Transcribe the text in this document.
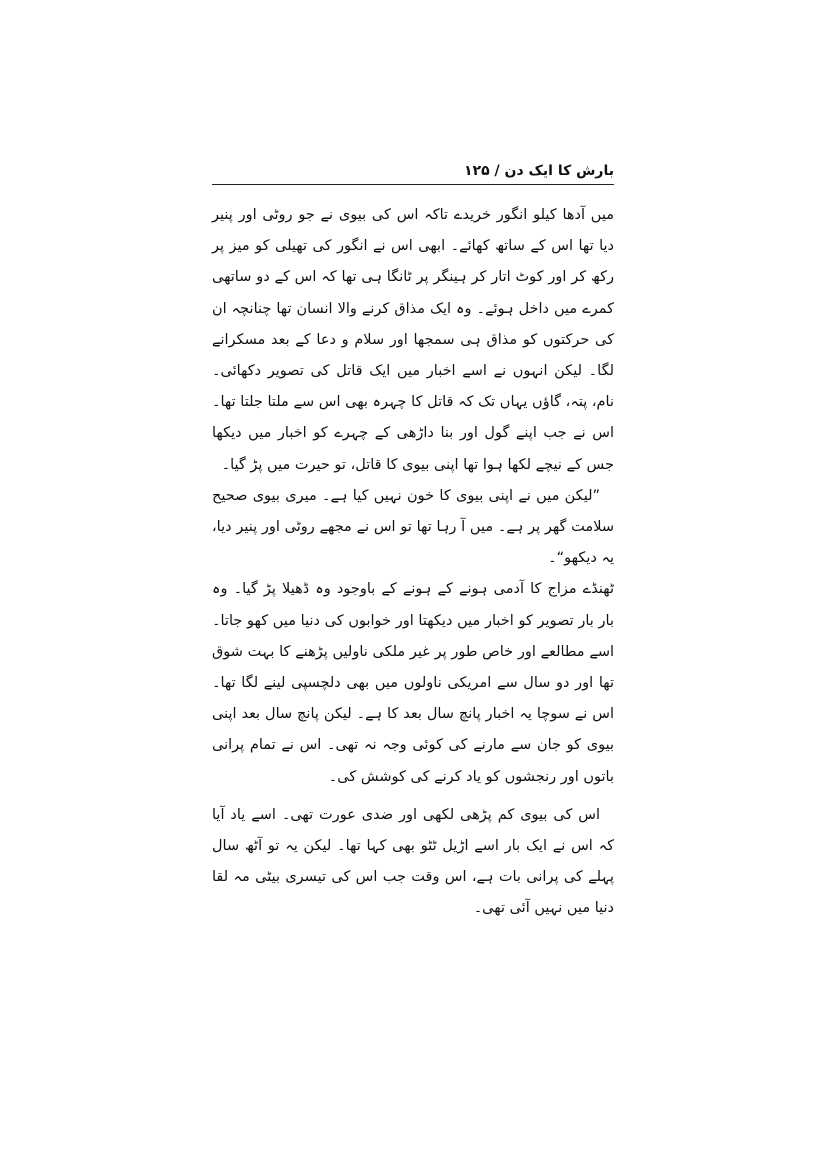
بارش کا ایک دن / ۱۲۵

میں آدھا کیلو انگور خریدے تاکہ اس کی بیوی نے جو روٹی اور پنیر دیا تھا اس کے ساتھ کھائے۔ ابھی اس نے انگور کی تھیلی کو میز پر رکھ کر اور کوٹ اتار کر ہینگر پر ٹانگا ہی تھا کہ اس کے دو ساتھی کمرے میں داخل ہوئے۔ وہ ایک مذاق کرنے والا انسان تھا چنانچہ ان کی حرکتوں کو مذاق ہی سمجھا اور سلام و دعا کے بعد مسکرانے لگا۔ لیکن انہوں نے اسے اخبار میں ایک قاتل کی تصویر دکھائی۔ نام، پتہ، گاؤں یہاں تک کہ قاتل کا چہرہ بھی اس سے ملتا جلتا تھا۔ اس نے جب اپنے گول اور بنا داڑھی کے چہرے کو اخبار میں دیکھا جس کے نیچے لکھا ہوا تھا اپنی بیوی کا قاتل، تو حیرت میں پڑ گیا۔

”لیکن میں نے اپنی بیوی کا خون نہیں کیا ہے۔ میری بیوی صحیح سلامت گھر پر ہے۔ میں آ رہا تھا تو اس نے مجھے روٹی اور پنیر دیا، یہ دیکھو“۔

ٹھنڈے مزاج کا آدمی ہونے کے ہونے کے باوجود وہ ڈھیلا پڑ گیا۔ وہ بار بار تصویر کو اخبار میں دیکھتا اور خوابوں کی دنیا میں کھو جاتا۔ اسے مطالعے اور خاص طور پر غیر ملکی ناولیں پڑھنے کا بہت شوق تھا اور دو سال سے امریکی ناولوں میں بھی دلچسپی لینے لگا تھا۔ اس نے سوچا یہ اخبار پانچ سال بعد کا ہے۔ لیکن پانچ سال بعد اپنی بیوی کو جان سے مارنے کی کوئی وجہ نہ تھی۔ اس نے تمام پرانی باتوں اور رنجشوں کو یاد کرنے کی کوشش کی۔

اس کی بیوی کم پڑھی لکھی اور ضدی عورت تھی۔ اسے یاد آیا کہ اس نے ایک بار اسے اڑیل ٹٹو بھی کہا تھا۔ لیکن یہ تو آٹھ سال پہلے کی پرانی بات ہے، اس وقت جب اس کی تیسری بیٹی مہ لقا دنیا میں نہیں آئی تھی۔
